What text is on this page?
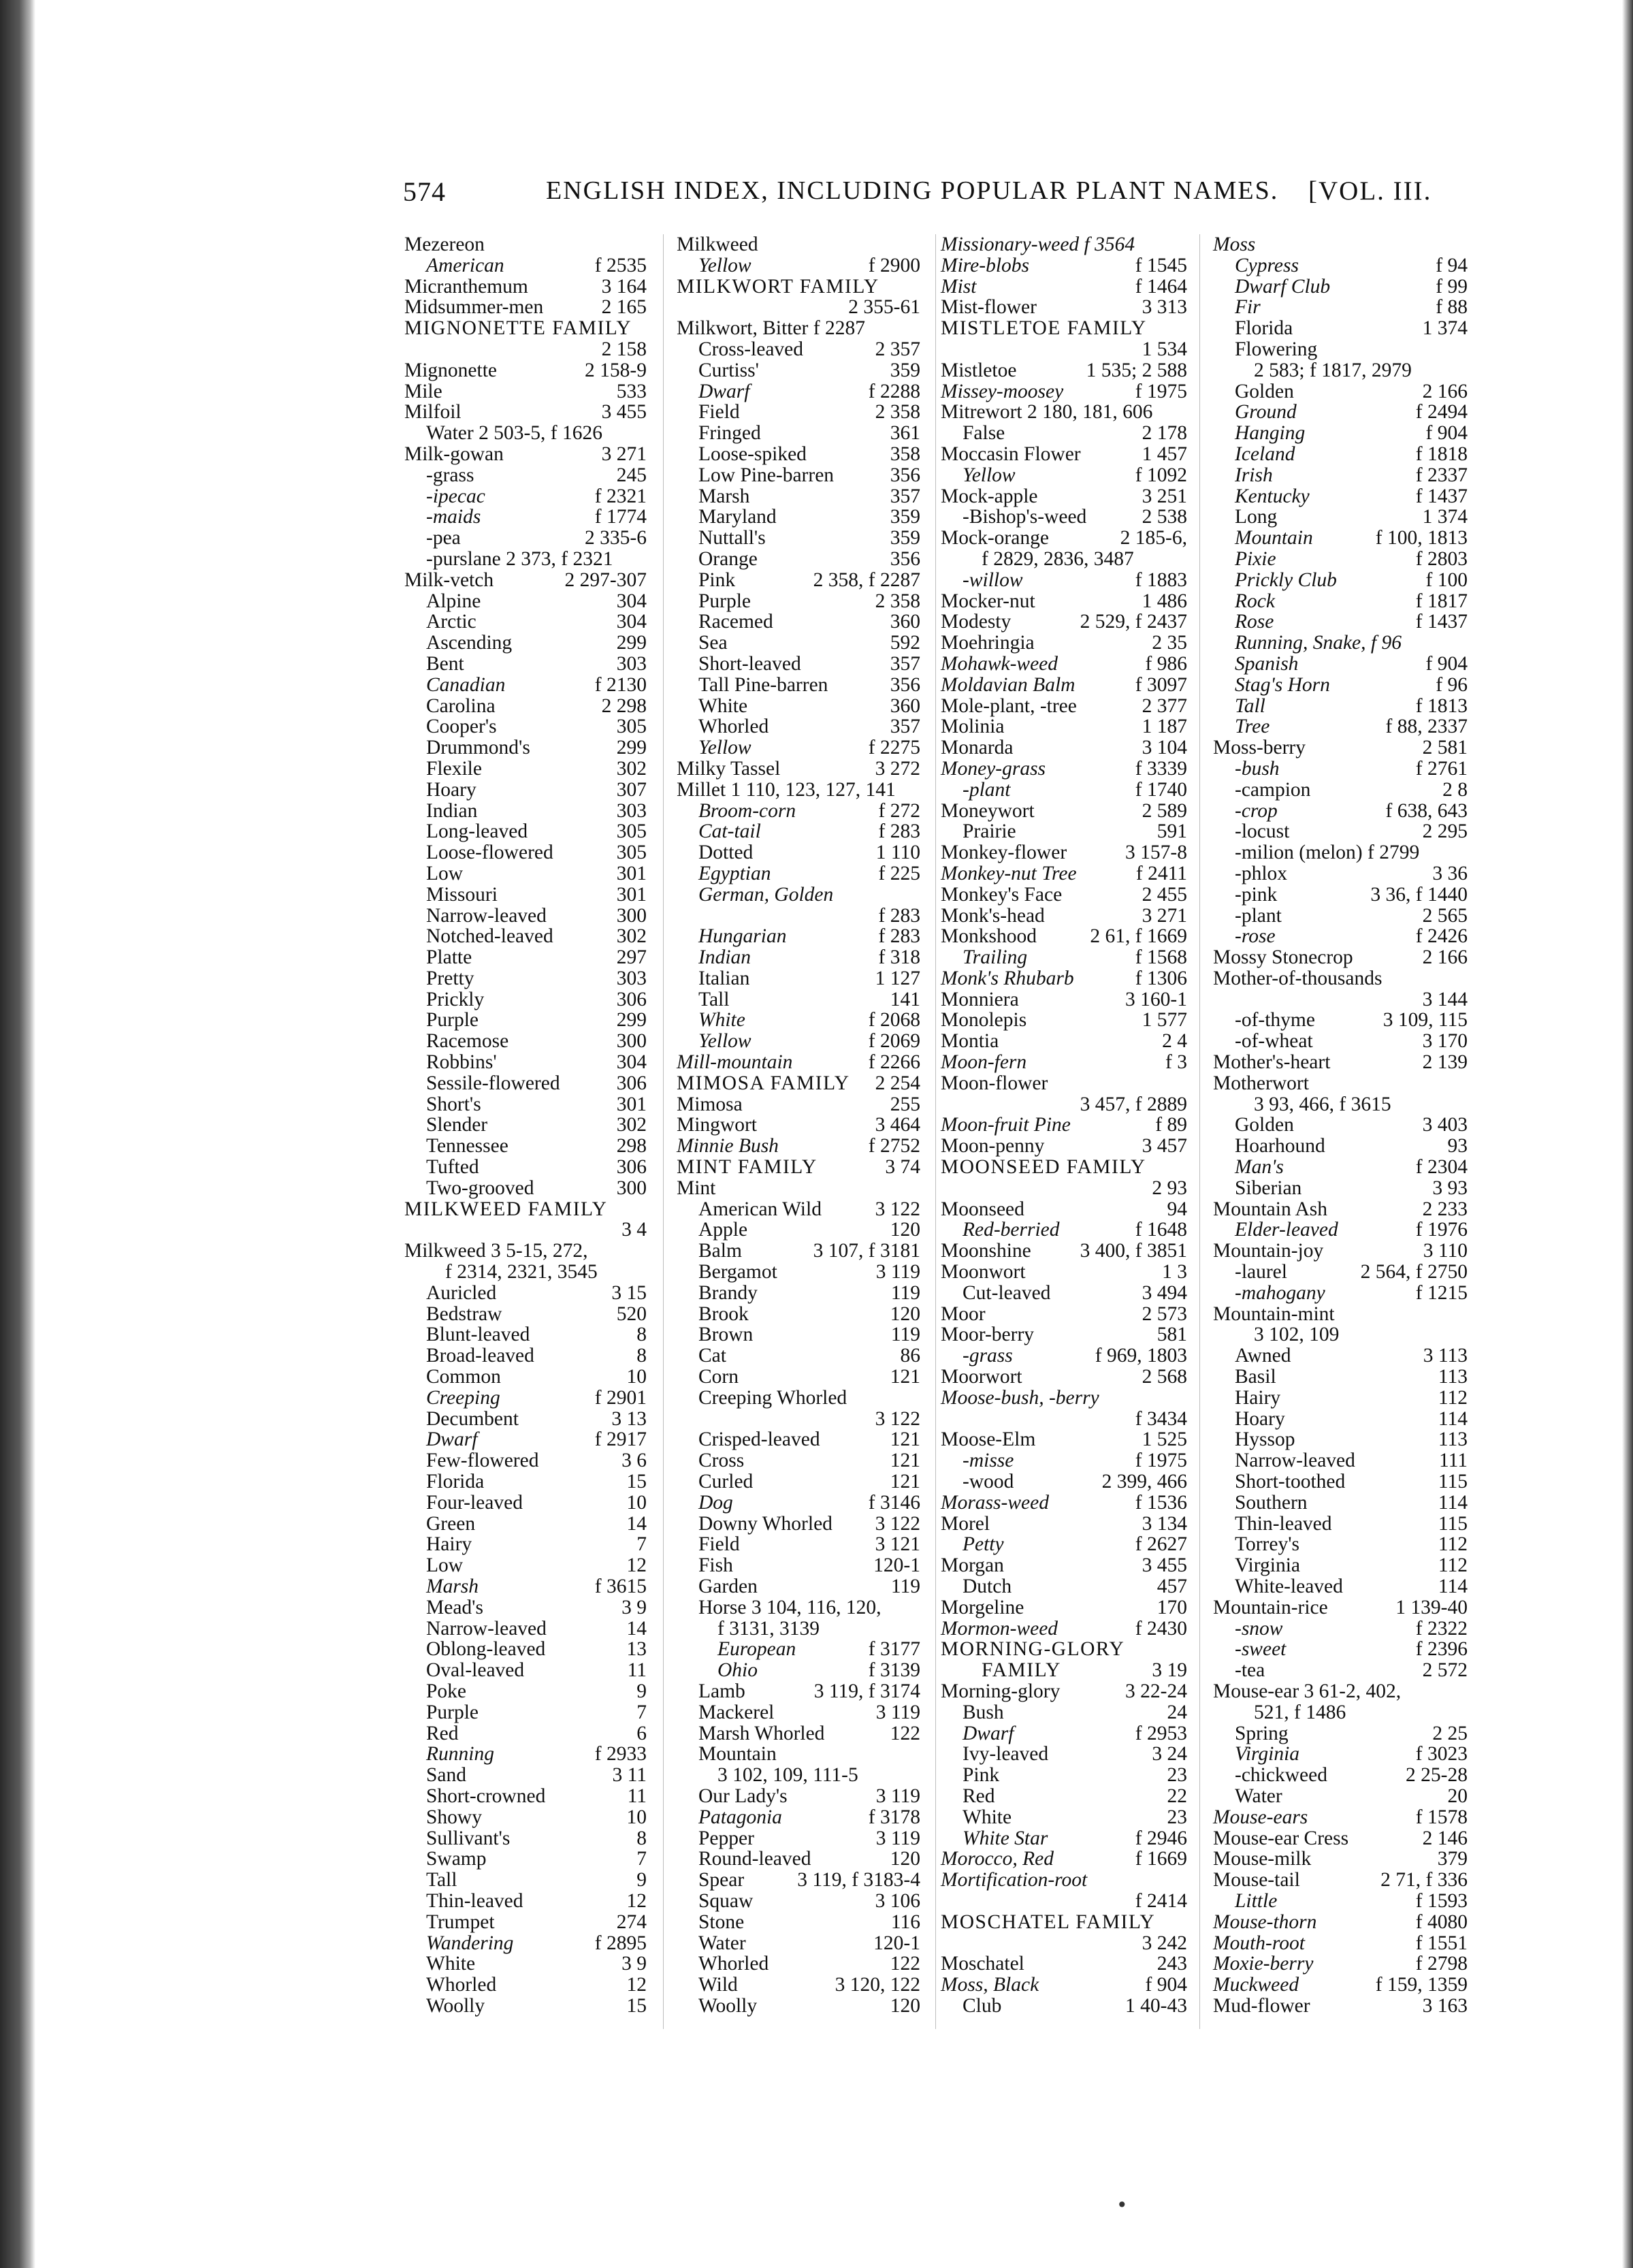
574	ENGLISH INDEX, INCLUDING POPULAR PLANT NAMES. [VOL. III.
Mezereon
American	f 2535
Micranthemum	3 164
Midsummer-men	2 165
MIGNONETTE FAMILY
2 158
Mignonette	2 158-9
Mile	533
Milfoil	3 455
Water 2 503-5, f 1626
Milk-gowan	3 271
-grass	245
-ipecac	f 2321
-maids	f 1774
-pea	2 335-6
-purslane 2 373, f 2321
Milk-vetch	2 297-307
Alpine	304
Arctic	304
Ascending	299
Bent	303
Canadian	f 2130
Carolina	2 298
Cooper's	305
Drummond's	299
Flexile	302
Hoary	307
Indian	303
Long-leaved	305
Loose-flowered	305
Low	301
Missouri	301
Narrow-leaved	300
Notched-leaved	302
Platte	297
Pretty	303
Prickly	306
Purple	299
Racemose	300
Robbins'	304
Sessile-flowered	306
Short's	301
Slender	302
Tennessee	298
Tufted	306
Two-grooved	300
MILKWEED FAMILY
3 4
Milkweed 3 5-15, 272,
f 2314, 2321, 3545
Auricled	3 15
Bedstraw	520
Blunt-leaved	8
Broad-leaved	8
Common	10
Creeping	f 2901
Decumbent	3 13
Dwarf	f 2917
Few-flowered	3 6
Florida	15
Four-leaved	10
Green	14
Hairy	7
Low	12
Marsh	f 3615
Mead's	3 9
Narrow-leaved	14
Oblong-leaved	13
Oval-leaved	11
Poke	9
Purple	7
Red	6
Running	f 2933
Sand	3 11
Short-crowned	11
Showy	10
Sullivant's	8
Swamp	7
Tall	9
Thin-leaved	12
Trumpet	274
Wandering	f 2895
White	3 9
Whorled	12
Woolly	15
Milkweed
Yellow	f 2900
MILKWORT FAMILY
2 355-61
Milkwort, Bitter f 2287
Cross-leaved	2 357
Curtiss'	359
Dwarf	f 2288
Field	2 358
Fringed	361
Loose-spiked	358
Low Pine-barren	356
Marsh	357
Maryland	359
Nuttall's	359
Orange	356
Pink	2 358, f 2287
Purple	2 358
Racemed	360
Sea	592
Short-leaved	357
Tall Pine-barren	356
White	360
Whorled	357
Yellow	f 2275
Milky Tassel	3 272
Millet 1 110, 123, 127, 141
Broom-corn	f 272
Cat-tail	f 283
Dotted	1 110
Egyptian	f 225
German, Golden
f 283
Hungarian	f 283
Indian	f 318
Italian	1 127
Tall	141
White	f 2068
Yellow	f 2069
Mill-mountain	f 2266
MIMOSA FAMILY 2 254
Mimosa	255
Mingwort	3 464
Minnie Bush	f 2752
MINT FAMILY	3 74
Mint
American Wild	3 122
Apple	120
Balm	3 107, f 3181
Bergamot	3 119
Brandy	119
Brook	120
Brown	119
Cat	86
Corn	121
Creeping Whorled
3 122
Crisped-leaved	121
Cross	121
Curled	121
Dog	f 3146
Downy Whorled 3 122
Field	3 121
Fish	120-1
Garden	119
Horse 3 104, 116, 120,
f 3131, 3139
European	f 3177
Ohio	f 3139
Lamb	3 119, f 3174
Mackerel	3 119
Marsh Whorled	122
Mountain
3 102, 109, 111-5
Our Lady's	3 119
Patagonia	f 3178
Pepper	3 119
Round-leaved	120
Spear	3 119, f 3183-4
Squaw	3 106
Stone	116
Water	120-1
Whorled	122
Wild	3 120, 122
Woolly	120
Missionary-weed f 3564
Mire-blobs	f 1545
Mist	f 1464
Mist-flower	3 313
MISTLETOE FAMILY
1 534
Mistletoe	1 535; 2 588
Missey-moosey	f 1975
Mitrewort 2 180, 181, 606
False	2 178
Moccasin Flower	1 457
Yellow	f 1092
Mock-apple	3 251
-Bishop's-weed	2 538
Mock-orange	2 185-6,
f 2829, 2836, 3487
-willow	f 1883
Mocker-nut	1 486
Modesty	2 529, f 2437
Moehringia	2 35
Mohawk-weed	f 986
Moldavian Balm	f 3097
Mole-plant, -tree	2 377
Molinia	1 187
Monarda	3 104
Money-grass	f 3339
-plant	f 1740
Moneywort	2 589
Prairie	591
Monkey-flower	3 157-8
Monkey-nut Tree	f 2411
Monkey's Face	2 455
Monk's-head	3 271
Monkshood	2 61, f 1669
Trailing	f 1568
Monk's Rhubarb	f 1306
Monniera	3 160-1
Monolepis	1 577
Montia	2 4
Moon-fern	f 3
Moon-flower
3 457, f 2889
Moon-fruit Pine	f 89
Moon-penny	3 457
MOONSEED FAMILY
2 93
Moonseed	94
Red-berried	f 1648
Moonshine 3 400, f 3851
Moonwort	1 3
Cut-leaved	3 494
Moor	2 573
Moor-berry	581
-grass	f 969, 1803
Moorwort	2 568
Moose-bush, -berry
f 3434
Moose-Elm	1 525
-misse	f 1975
-wood	2 399, 466
Morass-weed	f 1536
Morel	3 134
Petty	f 2627
Morgan	3 455
Dutch	457
Morgeline	170
Mormon-weed	f 2430
MORNING-GLORY
FAMILY	3 19
Morning-glory	3 22-24
Bush	24
Dwarf	f 2953
Ivy-leaved	3 24
Pink	23
Red	22
White	23
White Star	f 2946
Morocco, Red	f 1669
Mortification-root
f 2414
MOSCHATEL FAMILY
3 242
Moschatel	243
Moss, Black	f 904
Club	1 40-43
Moss
Cypress	f 94
Dwarf Club	f 99
Fir	f 88
Florida	1 374
Flowering
2 583; f 1817, 2979
Golden	2 166
Ground	f 2494
Hanging	f 904
Iceland	f 1818
Irish	f 2337
Kentucky	f 1437
Long	1 374
Mountain	f 100, 1813
Pixie	f 2803
Prickly Club	f 100
Rock	f 1817
Rose	f 1437
Running, Snake, f 96
Spanish	f 904
Stag's Horn	f 96
Tall	f 1813
Tree	f 88, 2337
Moss-berry	2 581
-bush	f 2761
-campion	2 8
-crop	f 638, 643
-locust	2 295
-milion (melon) f 2799
-phlox	3 36
-pink	3 36, f 1440
-plant	2 565
-rose	f 2426
Mossy Stonecrop	2 166
Mother-of-thousands
3 144
-of-thyme	3 109, 115
-of-wheat	3 170
Mother's-heart	2 139
Motherwort
3 93, 466, f 3615
Golden	3 403
Hoarhound	93
Man's	f 2304
Siberian	3 93
Mountain Ash	2 233
Elder-leaved	f 1976
Mountain-joy	3 110
-laurel	2 564, f 2750
-mahogany	f 1215
Mountain-mint
3 102, 109
Awned	3 113
Basil	113
Hairy	112
Hoary	114
Hyssop	113
Narrow-leaved	111
Short-toothed	115
Southern	114
Thin-leaved	115
Torrey's	112
Virginia	112
White-leaved	114
Mountain-rice	1 139-40
-snow	f 2322
-sweet	f 2396
-tea	2 572
Mouse-ear 3 61-2, 402,
521, f 1486
Spring	2 25
Virginia	f 3023
-chickweed	2 25-28
Water	20
Mouse-ears	f 1578
Mouse-ear Cress	2 146
Mouse-milk	379
Mouse-tail	2 71, f 336
Little	f 1593
Mouse-thorn	f 4080
Mouth-root	f 1551
Moxie-berry	f 2798
Muckweed	f 159, 1359
Mud-flower	3 163
•
